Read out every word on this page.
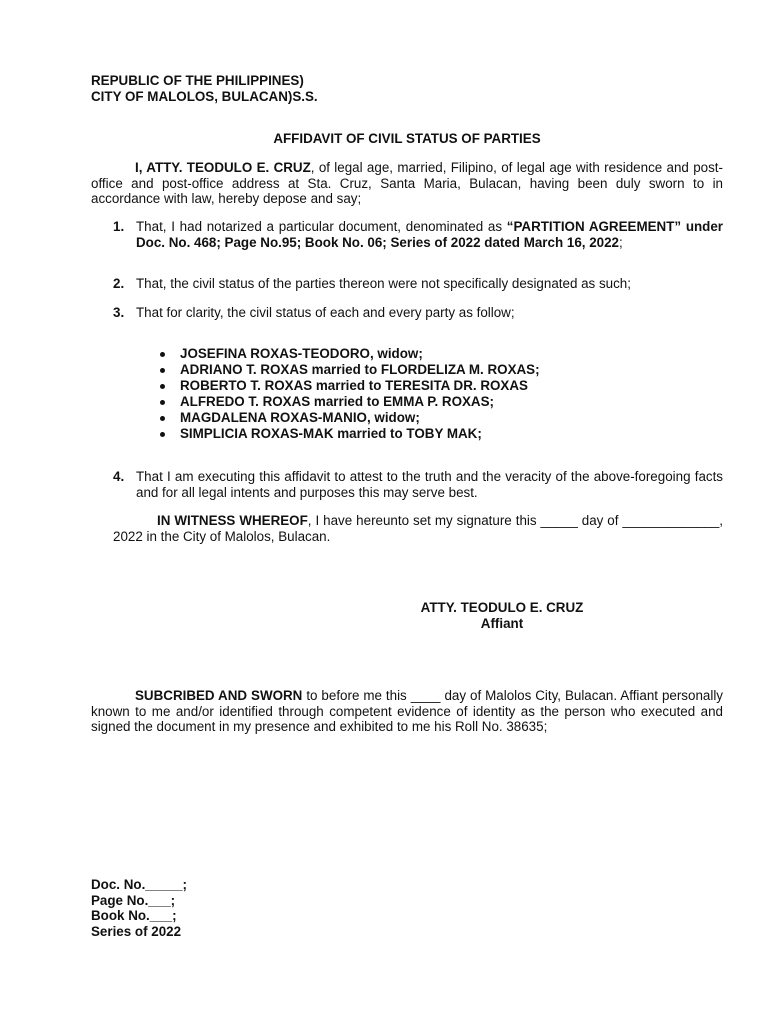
REPUBLIC OF THE PHILIPPINES)
CITY OF MALOLOS, BULACAN)S.S.
AFFIDAVIT OF CIVIL STATUS OF PARTIES
I, ATTY. TEODULO E. CRUZ, of legal age, married, Filipino, of legal age with residence and post-office and post-office address at Sta. Cruz, Santa Maria, Bulacan, having been duly sworn to in accordance with law, hereby depose and say;
1. That, I had notarized a particular document, denominated as “PARTITION AGREEMENT” under Doc. No. 468; Page No.95; Book No. 06; Series of 2022 dated March 16, 2022;
2. That, the civil status of the parties thereon were not specifically designated as such;
3. That for clarity, the civil status of each and every party as follow;
JOSEFINA ROXAS-TEODORO, widow;
ADRIANO T. ROXAS married to FLORDELIZA M. ROXAS;
ROBERTO T. ROXAS married to TERESITA DR. ROXAS
ALFREDO T. ROXAS married to EMMA P. ROXAS;
MAGDALENA ROXAS-MANIO, widow;
SIMPLICIA ROXAS-MAK married to TOBY MAK;
4. That I am executing this affidavit to attest to the truth and the veracity of the above-foregoing facts and for all legal intents and purposes this may serve best.
IN WITNESS WHEREOF, I have hereunto set my signature this _____ day of _____________, 2022 in the City of Malolos, Bulacan.
ATTY. TEODULO E. CRUZ
Affiant
SUBCRIBED AND SWORN to before me this ____ day of Malolos City, Bulacan. Affiant personally known to me and/or identified through competent evidence of identity as the person who executed and signed the document in my presence and exhibited to me his Roll No. 38635;
Doc. No._____;
Page No.___;
Book No.___;
Series of 2022
